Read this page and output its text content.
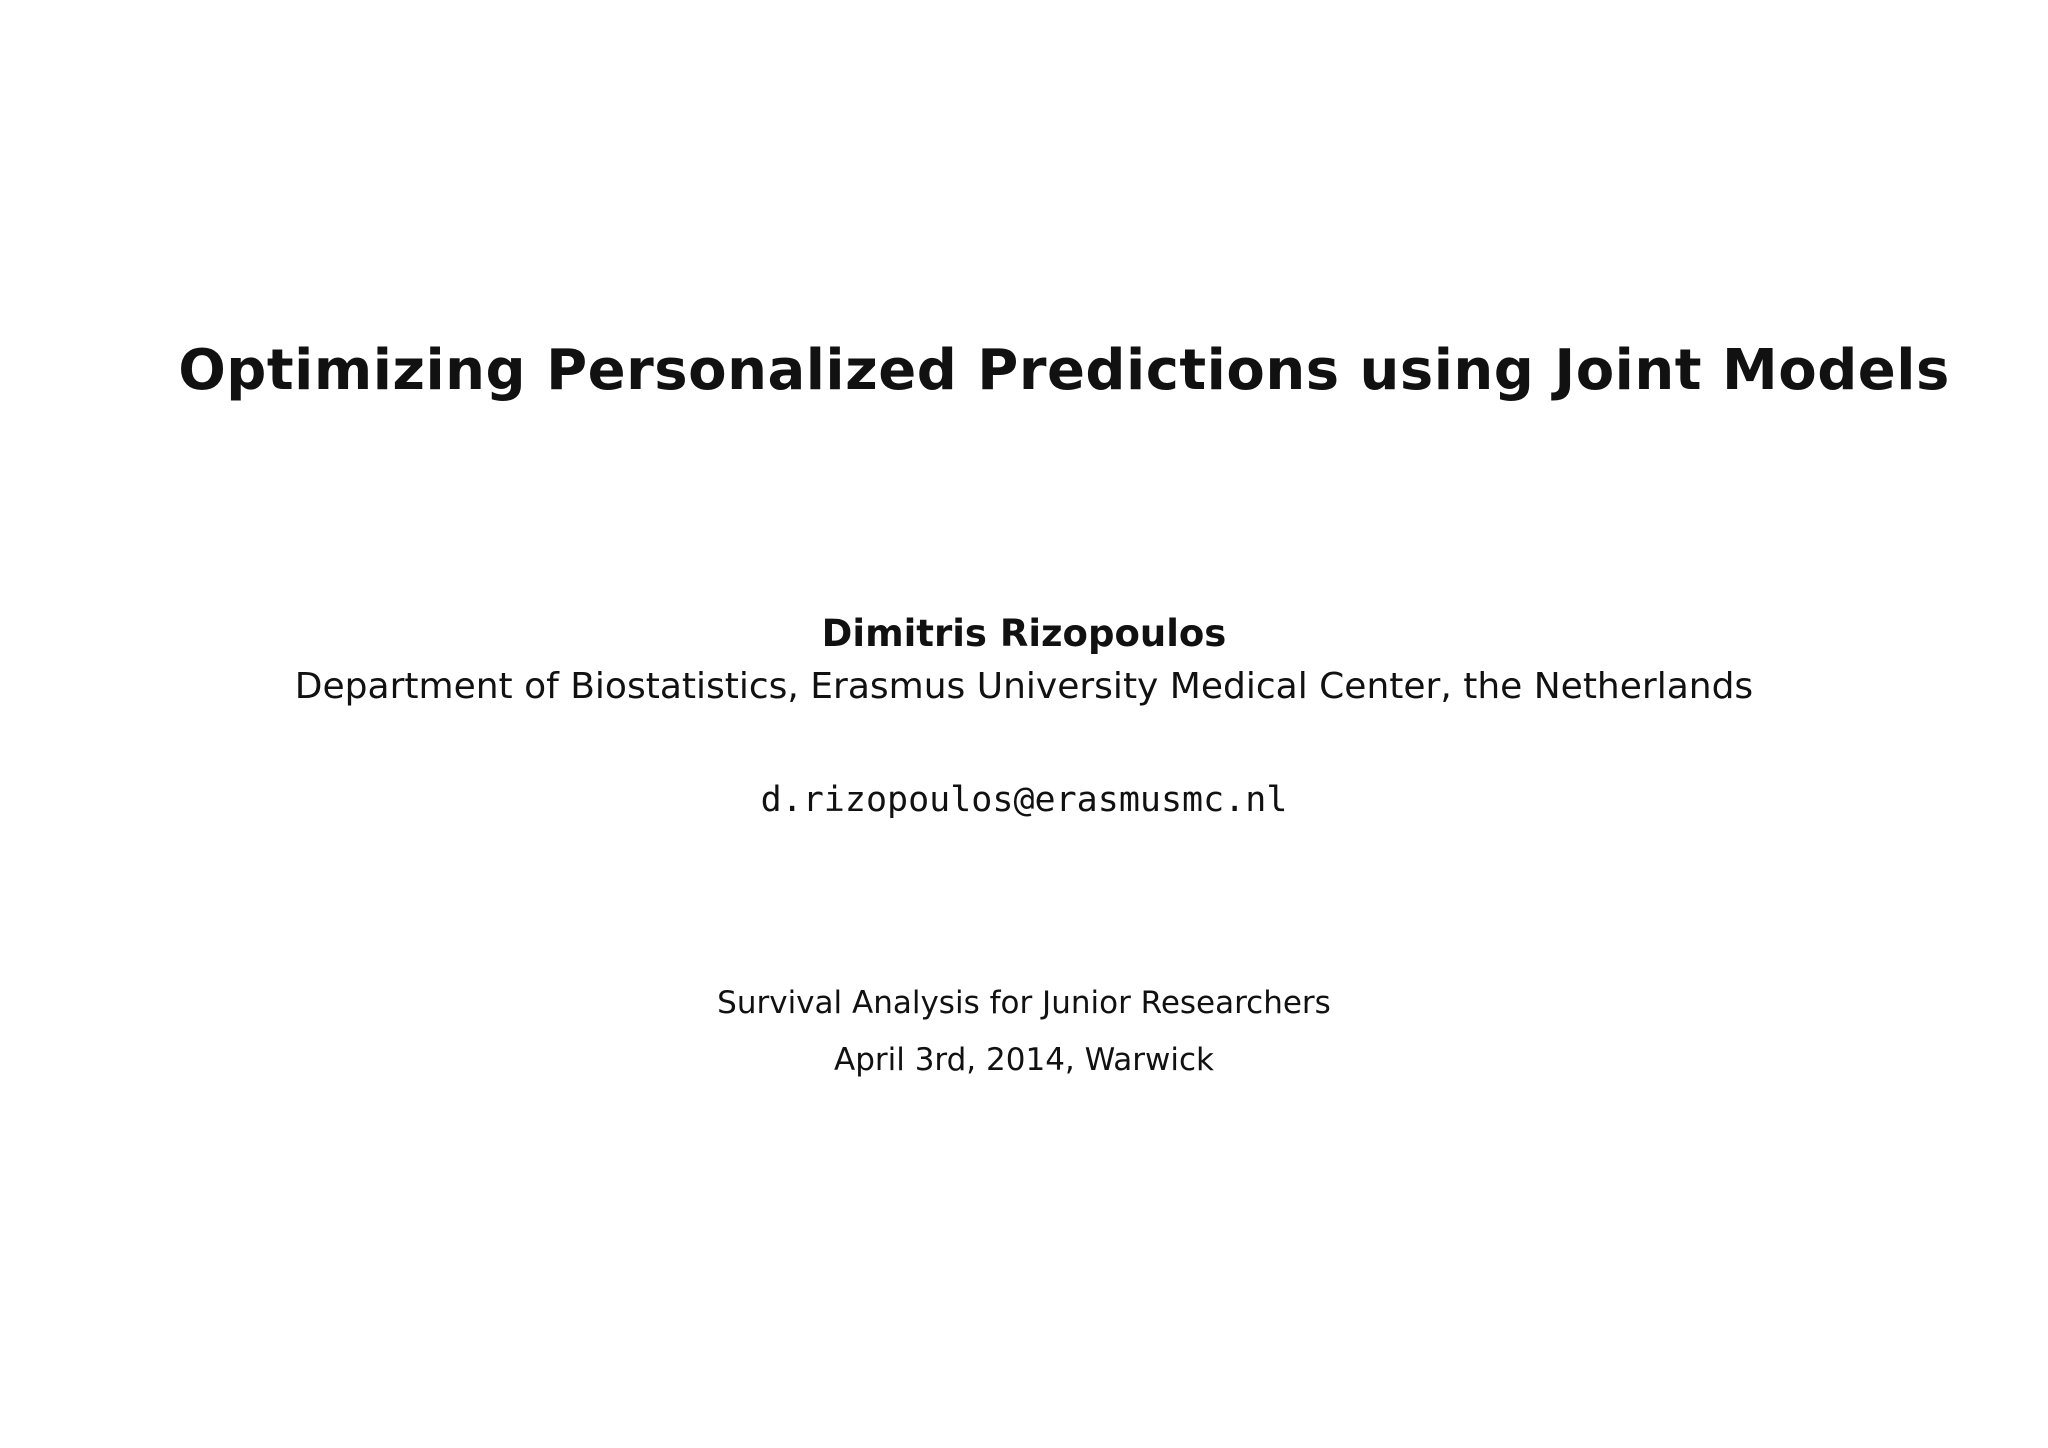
Optimizing Personalized Predictions using Joint Models
Dimitris Rizopoulos
Department of Biostatistics, Erasmus University Medical Center, the Netherlands
d.rizopoulos@erasmusmc.nl
Survival Analysis for Junior Researchers
April 3rd, 2014, Warwick
